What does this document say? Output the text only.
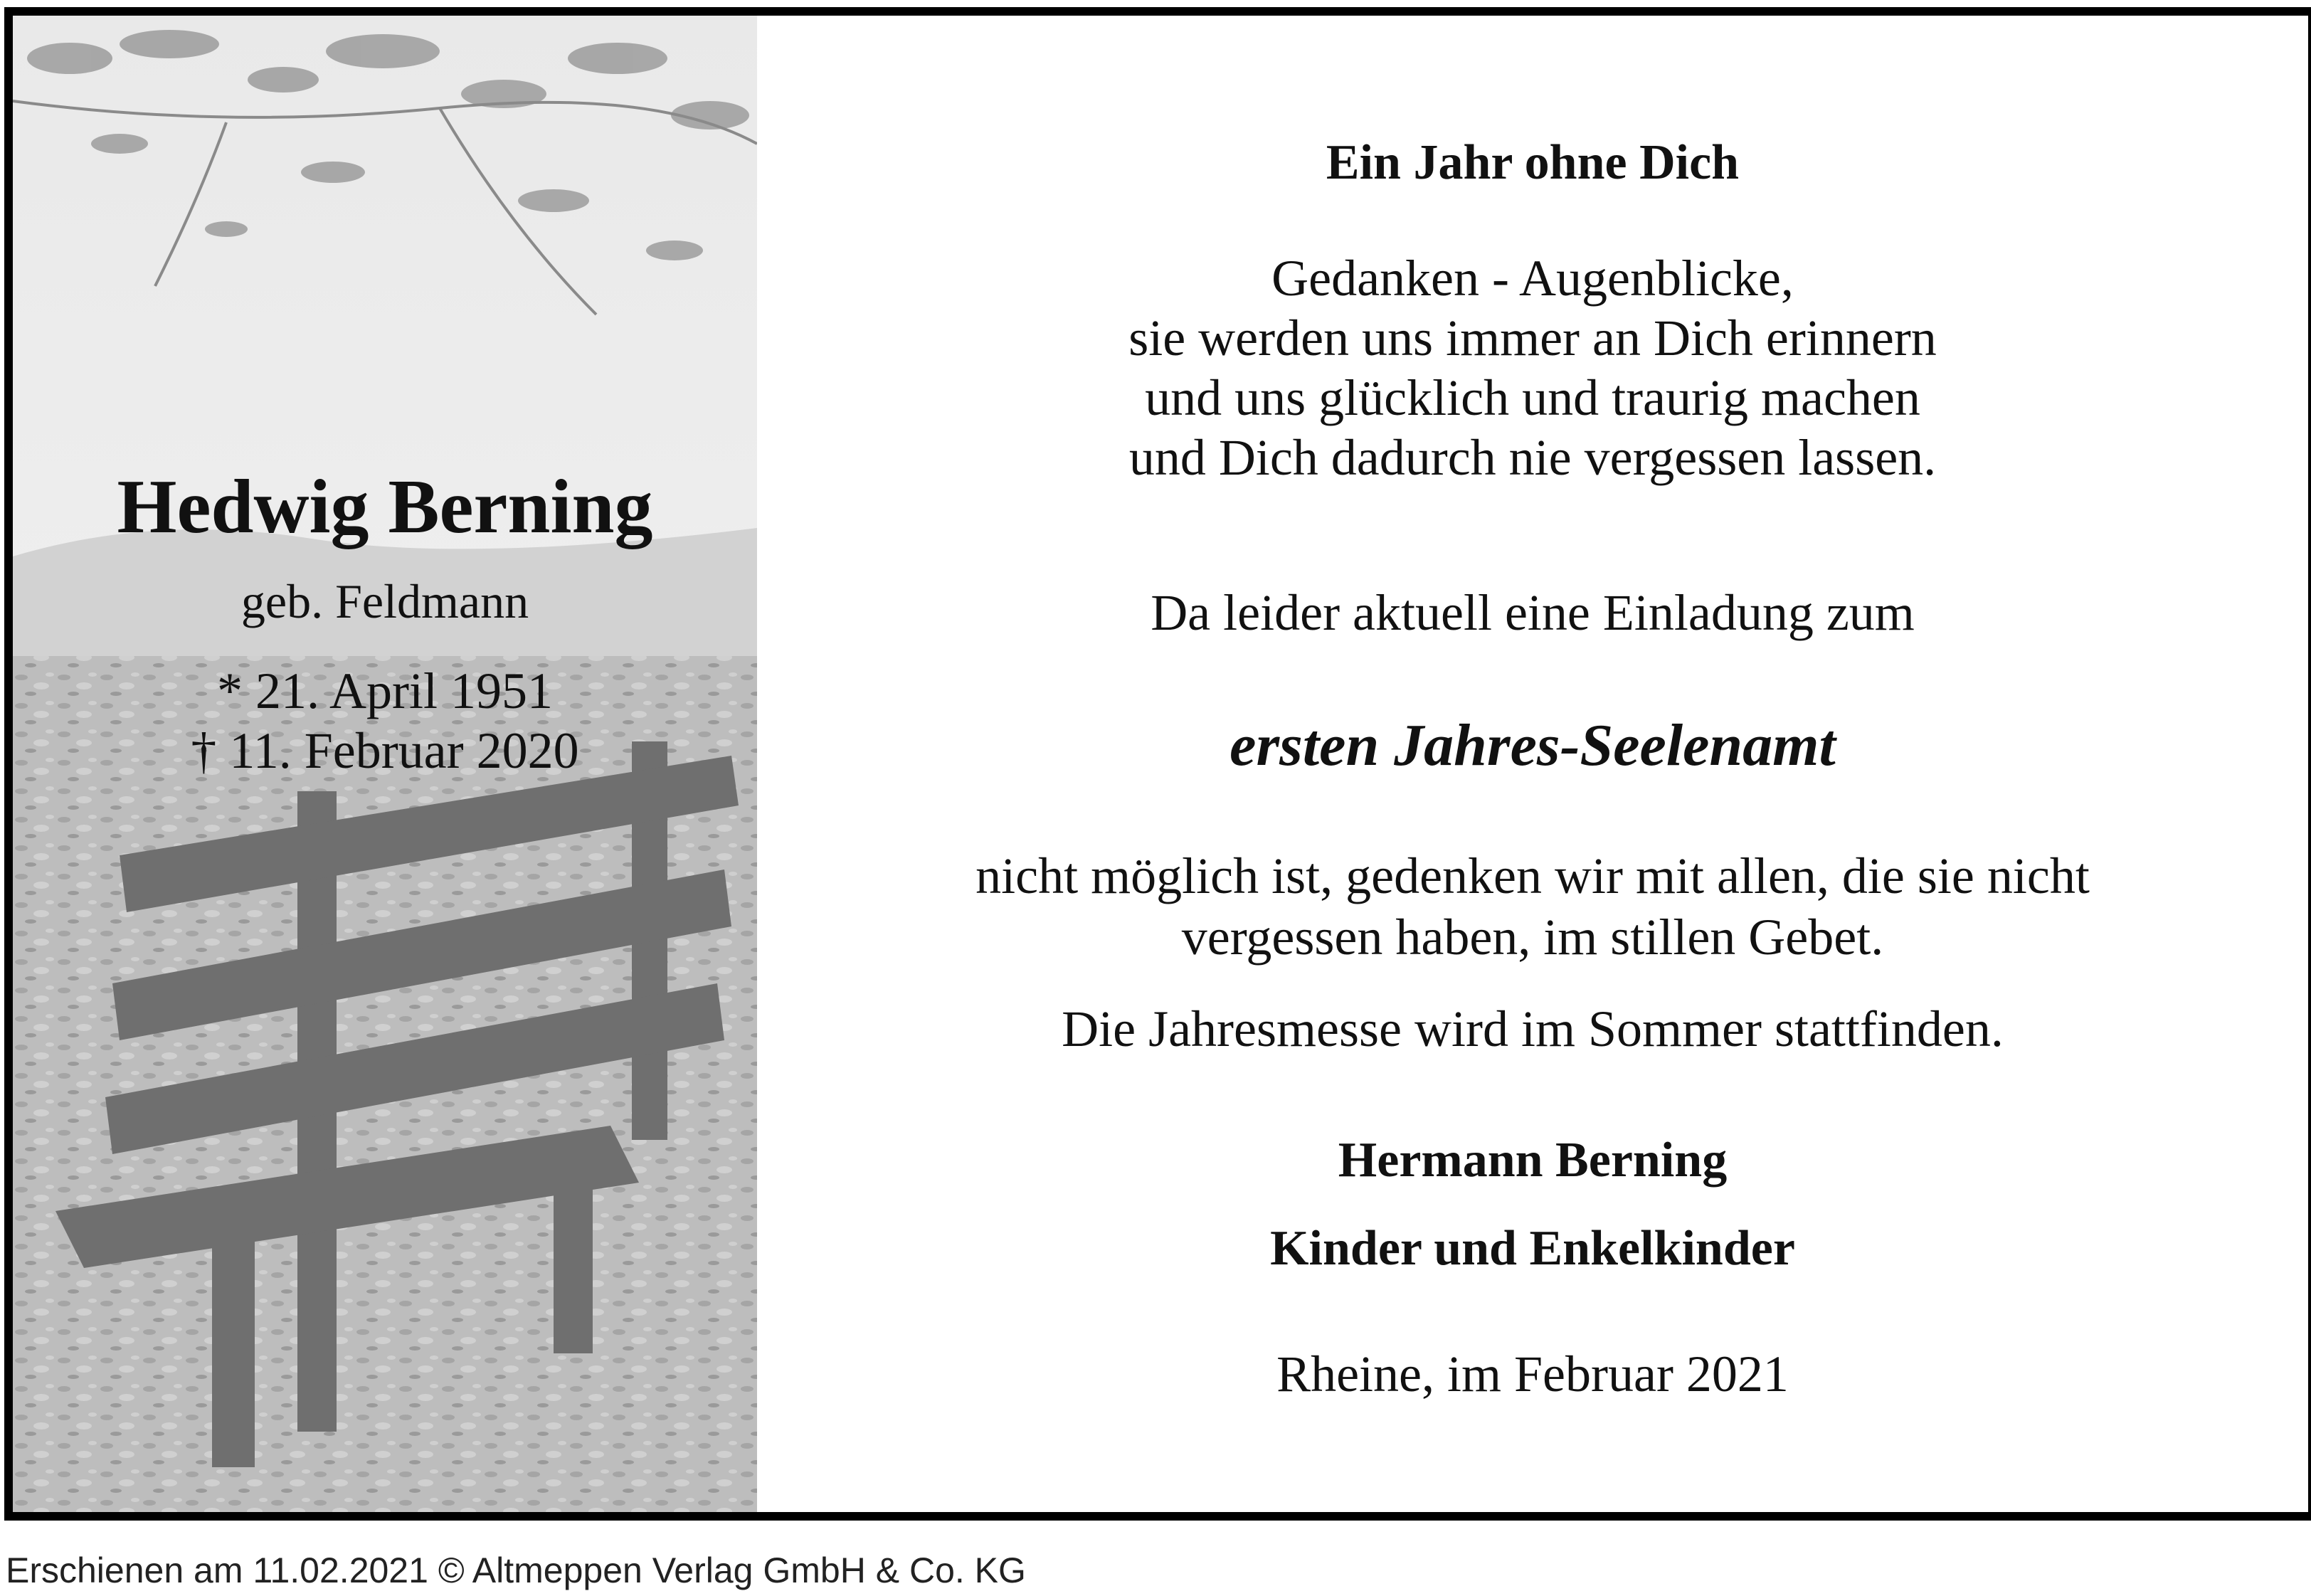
Hedwig Berning
geb. Feldmann
* 21. April 1951
† 11. Februar 2020
Ein Jahr ohne Dich
Gedanken - Augenblicke,
sie werden uns immer an Dich erinnern
und uns glücklich und traurig machen
und Dich dadurch nie vergessen lassen.
Da leider aktuell eine Einladung zum
ersten Jahres-Seelenamt
nicht möglich ist, gedenken wir mit allen, die sie nicht
vergessen haben, im stillen Gebet.
Die Jahresmesse wird im Sommer stattfinden.
Hermann Berning
Kinder und Enkelkinder
Rheine, im Februar 2021
Erschienen am 11.02.2021 © Altmeppen Verlag GmbH & Co. KG
